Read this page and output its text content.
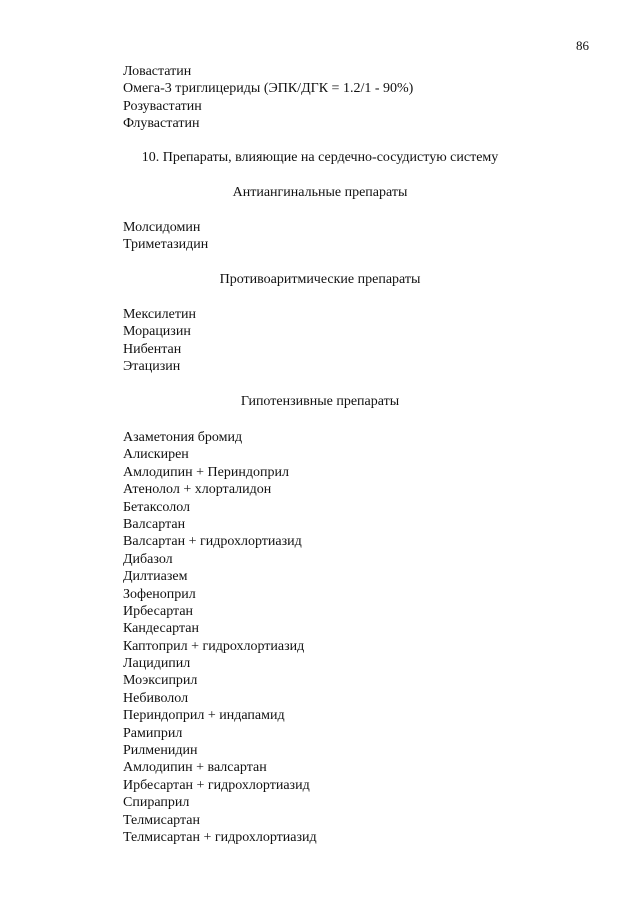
86
Ловастатин
Омега-3 триглицериды (ЭПК/ДГК = 1.2/1 - 90%)
Розувастатин
Флувастатин
10. Препараты, влияющие на сердечно-сосудистую систему
Антиангинальные препараты
Молсидомин
Триметазидин
Противоаритмические препараты
Мексилетин
Морацизин
Нибентан
Этацизин
Гипотензивные препараты
Азаметония бромид
Алискирен
Амлодипин + Периндоприл
Атенолол + хлорталидон
Бетаксолол
Валсартан
Валсартан + гидрохлортиазид
Дибазол
Дилтиазем
Зофеноприл
Ирбесартан
Кандесартан
Каптоприл + гидрохлортиазид
Лацидипил
Моэксиприл
Небиволол
Периндоприл + индапамид
Рамиприл
Рилменидин
Амлодипин + валсартан
Ирбесартан + гидрохлортиазид
Спираприл
Телмисартан
Телмисартан + гидрохлортиазид
